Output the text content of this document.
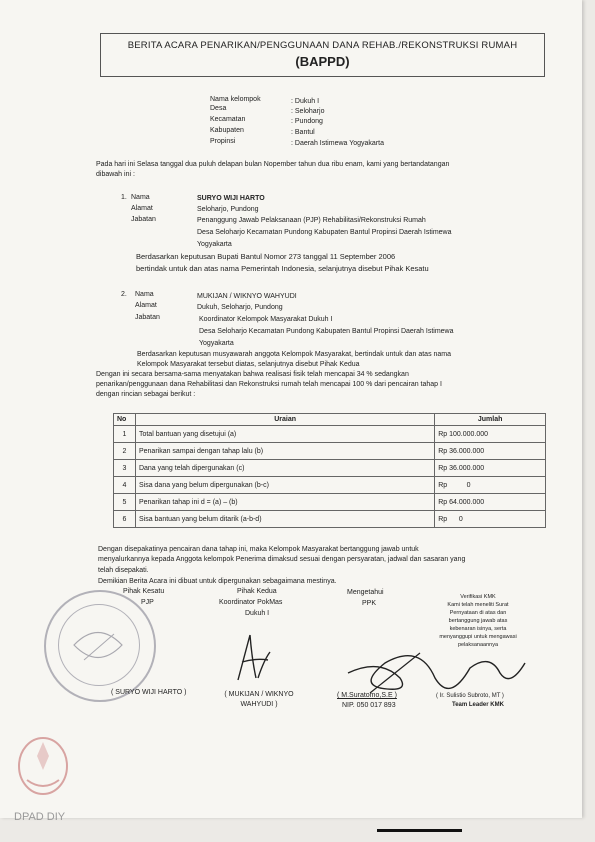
BERITA ACARA PENARIKAN/PENGGUNAAN DANA REHAB./REKONSTRUKSI RUMAH
(BAPPD)
Nama kelompok	: Dukuh I
Desa	: Seloharjo
Kecamatan	: Pundong
Kabupaten	: Bantul
Propinsi	: Daerah Istimewa Yogyakarta
Pada hari ini Selasa tanggal dua puluh delapan bulan Nopember tahun dua ribu enam, kami yang bertandatangan
dibawah ini :
1. Nama	SURYO WIJI HARTO
Alamat	Seloharjo, Pundong
Jabatan	Penanggung Jawab Pelaksanaan (PJP) Rehabilitasi/Rekonstruksi Rumah
Desa Seloharjo Kecamatan Pundong Kabupaten Bantul Propinsi Daerah Istimewa
Yogyakarta
Berdasarkan keputusan Bupati Bantul Nomor 273 tanggal 11 September 2006
bertindak untuk dan atas nama Pemerintah Indonesia, selanjutnya disebut Pihak Kesatu
2. Nama	MUKIJAN / WIKNYO WAHYUDI
Alamat	Dukuh, Seloharjo, Pundong
Jabatan	Koordinator Kelompok Masyarakat Dukuh I
Desa Seloharjo Kecamatan Pundong Kabupaten Bantul Propinsi Daerah Istimewa
Yogyakarta
Berdasarkan keputusan musyawarah anggota Kelompok Masyarakat, bertindak untuk dan atas nama
Kelompok Masyarakat tersebut diatas, selanjutnya disebut Pihak Kedua
Dengan ini secara bersama-sama menyatakan bahwa realisasi fisik telah mencapai 34 % sedangkan
penarikan/penggunaan dana Rehabilitasi dan Rekonstruksi rumah telah mencapai 100 % dari pencairan tahap I
dengan rincian sebagai berikut :
No	Uraian	Jumlah
1	Total bantuan yang disetujui (a)	Rp 100.000.000
2	Penarikan sampai dengan tahap lalu (b)	Rp 36.000.000
3	Dana yang telah dipergunakan (c)	Rp 36.000.000
4	Sisa dana yang belum dipergunakan (b-c)	Rp          0
5	Penarikan tahap ini d = (a) – (b)	Rp 64.000.000
6	Sisa bantuan yang belum ditarik (a-b-d)	Rp      0
Dengan disepakatinya pencairan dana tahap ini, maka Kelompok Masyarakat bertanggung jawab untuk
menyalurkannya kepada Anggota kelompok Penerima dimaksud sesuai dengan persyaratan, jadwal dan sasaran yang
telah disepakati.
Demikian Berita Acara ini dibuat untuk dipergunakan sebagaimana mestinya.
Pihak Kesatu
PJP
Pihak Kedua
Koordinator PokMas
Dukuh I
Mengetahui
PPK
Verifikasi KMK
Kami telah meneliti Surat
Pernyataan di atas dan
bertanggung jawab atas
kebenaran isinya, serta
menyanggupi untuk mengawasi
pelaksanaannya
( SURYO WIJI HARTO )	( MUKIJAN / WIKNYO
WAHYUDI )
( M.Suratomo,S.E )
NIP. 050 017 893
( Ir. Sulistio Subroto, MT )
Team Leader KMK
DPAD DIY
